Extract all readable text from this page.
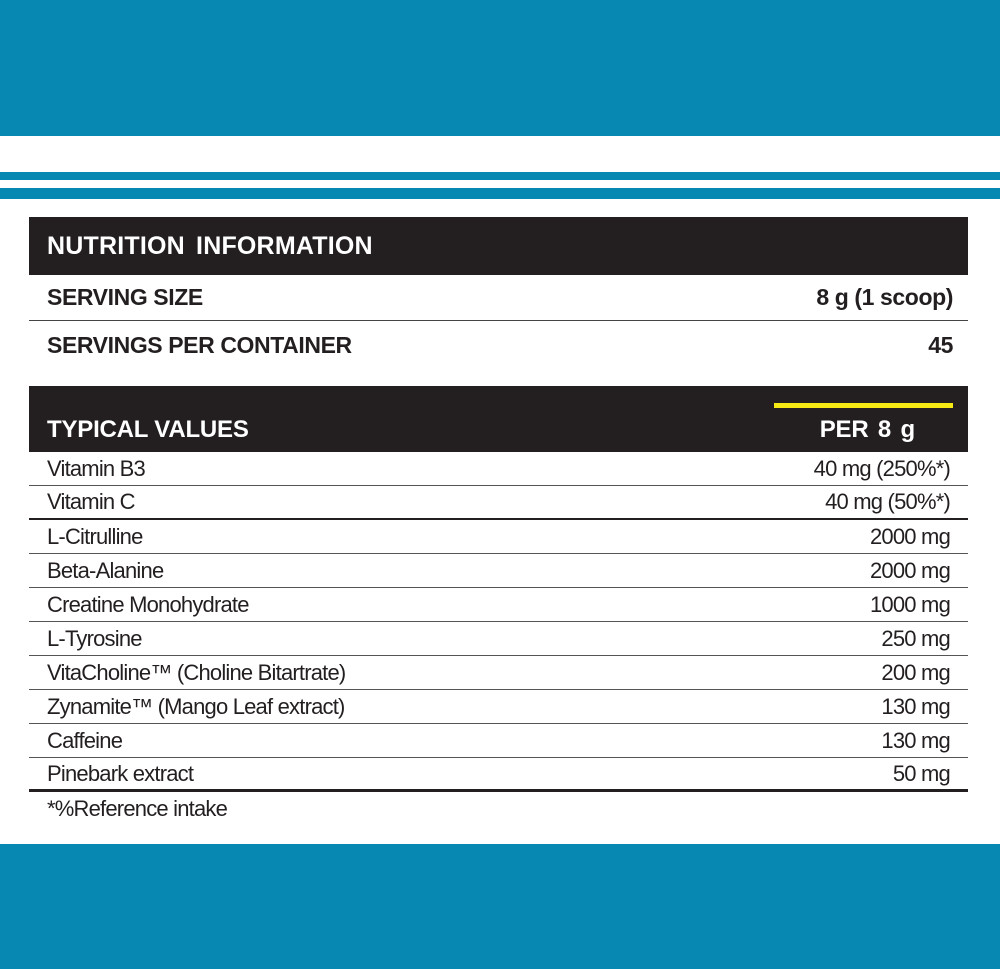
NUTRITION INFORMATION
SERVING SIZE	8 g (1 scoop)
SERVINGS PER CONTAINER	45
TYPICAL VALUES	PER 8 g
Vitamin B3	40 mg (250%*)
Vitamin C	40 mg (50%*)
L-Citrulline	2000 mg
Beta-Alanine	2000 mg
Creatine Monohydrate	1000 mg
L-Tyrosine	250 mg
VitaCholine™ (Choline Bitartrate)	200 mg
Zynamite™ (Mango Leaf extract)	130 mg
Caffeine	130 mg
Pinebark extract	50 mg
*%Reference intake
